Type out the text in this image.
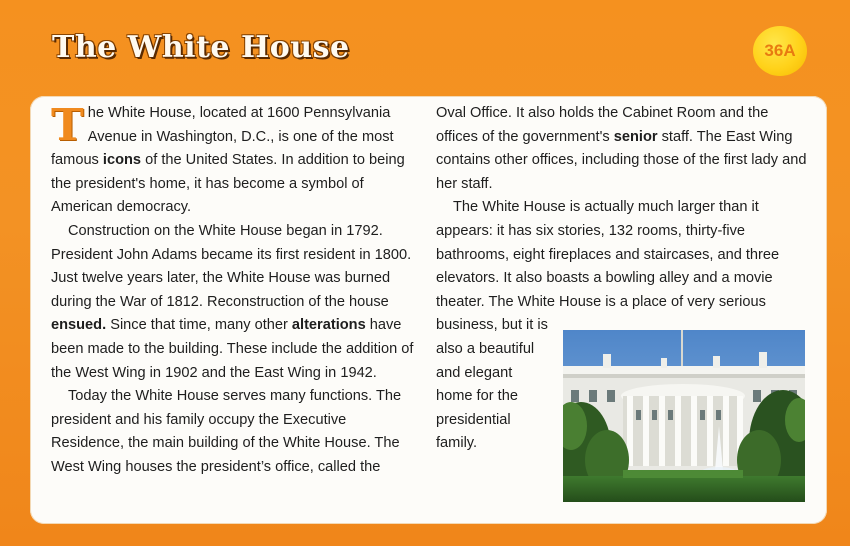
The White House	36A

The White House, located at 1600 Pennsylvania Avenue in Washington, D.C., is one of the most famous icons of the United States. In addition to being the president's home, it has become a symbol of American democracy.

Construction on the White House began in 1792. President John Adams became its first resident in 1800. Just twelve years later, the White House was burned during the War of 1812. Reconstruction of the house ensued. Since that time, many other alterations have been made to the building. These include the addition of the West Wing in 1902 and the East Wing in 1942.

Today the White House serves many functions. The president and his family occupy the Executive Residence, the main building of the White House. The West Wing houses the president’s office, called the

Oval Office. It also holds the Cabinet Room and the offices of the government's senior staff. The East Wing contains other offices, including those of the first lady and her staff.

The White House is actually much larger than it appears: it has six stories, 132 rooms, thirty-five bathrooms, eight fireplaces and staircases, and three elevators. It also boasts a bowling alley and a movie theater. The White House is a place of very serious business, but it is

also a beautiful

and elegant

home for the

presidential

family.
